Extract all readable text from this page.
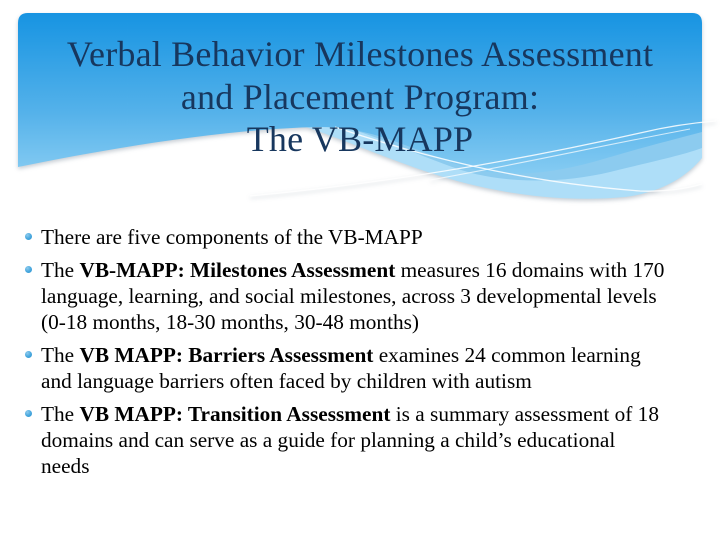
Verbal Behavior Milestones Assessment
and Placement Program:
The VB-MAPP
There are five components of the VB-MAPP
The VB-MAPP: Milestones Assessment measures 16 domains with 170 language, learning, and social milestones, across 3 developmental levels (0-18 months, 18-30 months, 30-48 months)
The VB MAPP: Barriers Assessment examines 24 common learning and language barriers often faced by children with autism
The VB MAPP: Transition Assessment is a summary assessment of 18 domains and can serve as a guide for planning a child’s educational needs
